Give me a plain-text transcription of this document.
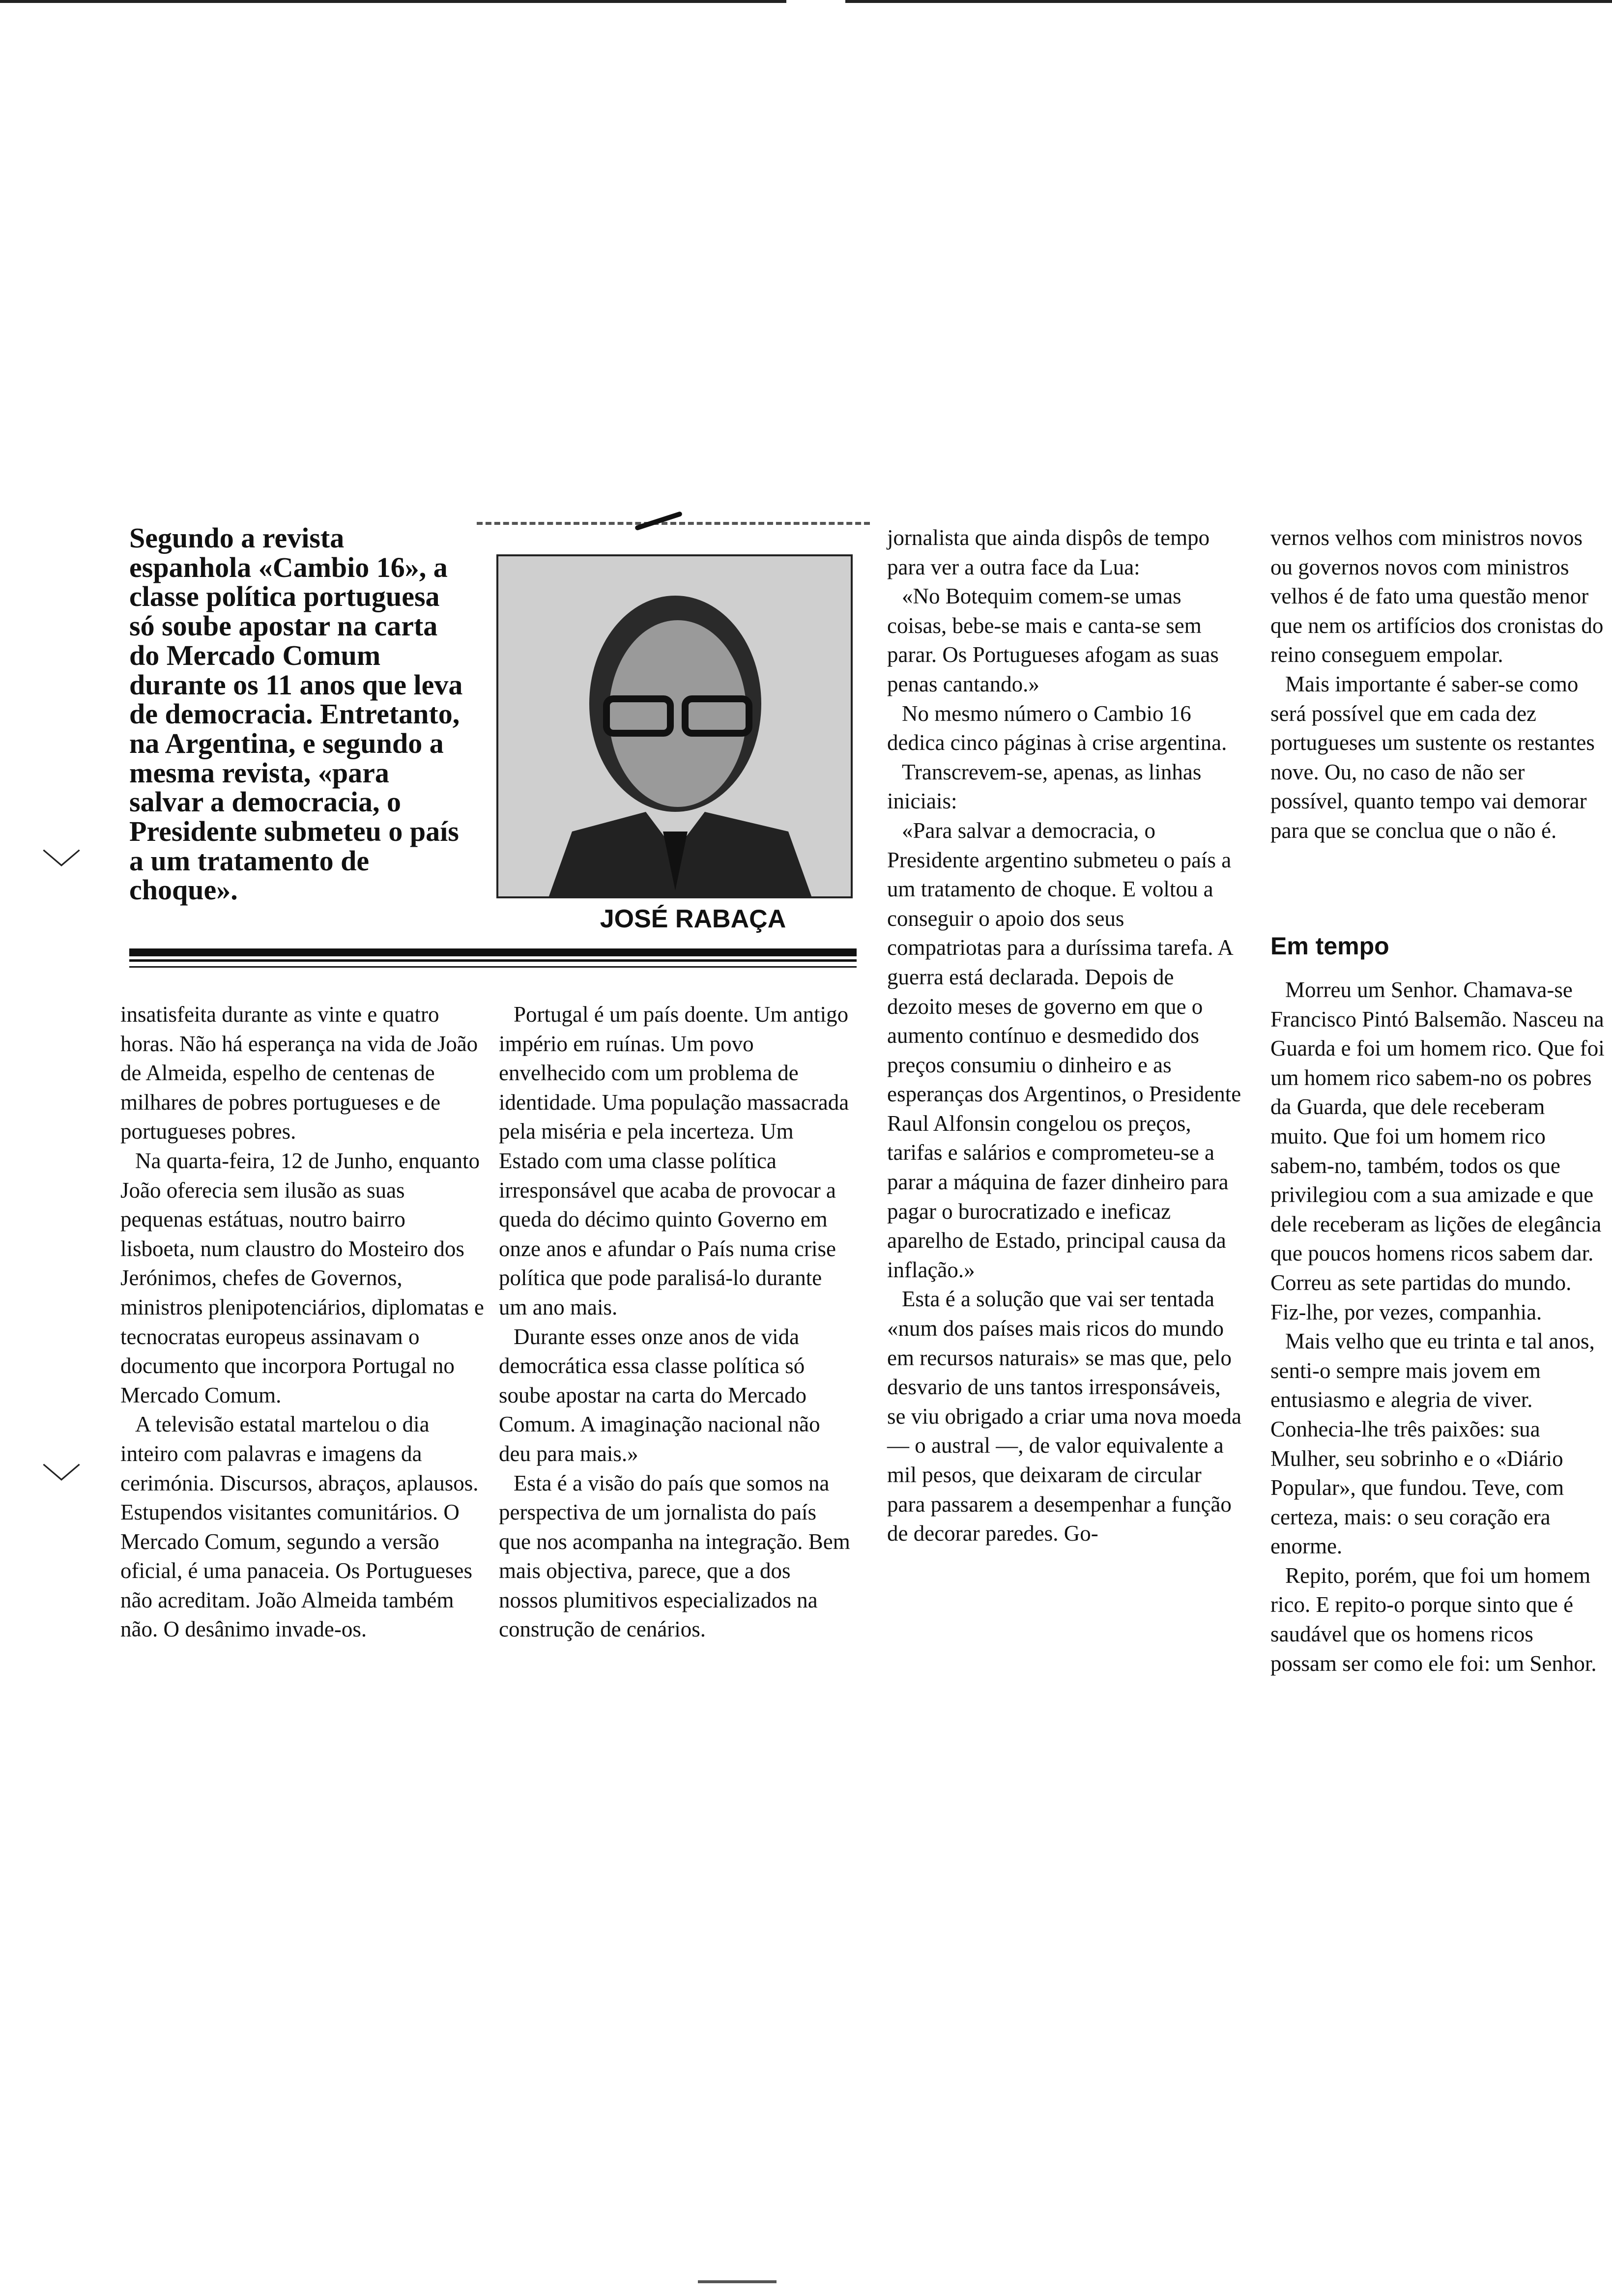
Segundo a revista espanhola «Cambio 16», a classe política portuguesa só soube apostar na carta do Mercado Comum durante os 11 anos que leva de democracia. Entretanto, na Argentina, e segundo a mesma revista, «para salvar a democracia, o Presidente submeteu o país a um tratamento de choque».
JOSÉ RABAÇA

insatisfeita durante as vinte e quatro horas. Não há esperança na vida de João de Almeida, espelho de centenas de milhares de pobres portugueses e de portugueses pobres.

Na quarta-feira, 12 de Junho, enquanto João oferecia sem ilusão as suas pequenas estátuas, noutro bairro lisboeta, num claustro do Mosteiro dos Jerónimos, chefes de Governos, ministros plenipotenciários, diplomatas e tecnocratas europeus assinavam o documento que incorpora Portugal no Mercado Comum.

A televisão estatal martelou o dia inteiro com palavras e imagens da cerimónia. Discursos, abraços, aplausos. Estupendos visitantes comunitários. O Mercado Comum, segundo a versão oficial, é uma panaceia. Os Portugueses não acreditam. João Almeida também não. O desânimo invade-os.

Portugal é um país doente. Um antigo império em ruínas. Um povo envelhecido com um problema de identidade. Uma população massacrada pela miséria e pela incerteza. Um Estado com uma classe política irresponsável que acaba de provocar a queda do décimo quinto Governo em onze anos e afundar o País numa crise política que pode paralisá-lo durante um ano mais.

Durante esses onze anos de vida democrática essa classe política só soube apostar na carta do Mercado Comum. A imaginação nacional não deu para mais.»

Esta é a visão do país que somos na perspectiva de um jornalista do país que nos acompanha na integração. Bem mais objectiva, parece, que a dos nossos plumitivos especializados na construção de cenários.

jornalista que ainda dispôs de tempo para ver a outra face da Lua:

«No Botequim comem-se umas coisas, bebe-se mais e canta-se sem parar. Os Portugueses afogam as suas penas cantando.»

No mesmo número o Cambio 16 dedica cinco páginas à crise argentina.

Transcrevem-se, apenas, as linhas iniciais:

«Para salvar a democracia, o Presidente argentino submeteu o país a um tratamento de choque. E voltou a conseguir o apoio dos seus compatriotas para a duríssima tarefa. A guerra está declarada. Depois de dezoito meses de governo em que o aumento contínuo e desmedido dos preços consumiu o dinheiro e as esperanças dos Argentinos, o Presidente Raul Alfonsin congelou os preços, tarifas e salários e comprometeu-se a parar a máquina de fazer dinheiro para pagar o burocratizado e ineficaz aparelho de Estado, principal causa da inflação.»

Esta é a solução que vai ser tentada «num dos países mais ricos do mundo em recursos naturais» se mas que, pelo desvario de uns tantos irresponsáveis, se viu obrigado a criar uma nova moeda — o austral —, de valor equivalente a mil pesos, que deixaram de circular para passarem a desempenhar a função de decorar paredes. Go-

vernos velhos com ministros novos ou governos novos com ministros velhos é de fato uma questão menor que nem os artifícios dos cronistas do reino conseguem empolar.

Mais importante é saber-se como será possível que em cada dez portugueses um sustente os restantes nove. Ou, no caso de não ser possível, quanto tempo vai demorar para que se conclua que o não é.

Em tempo

Morreu um Senhor. Chamava-se Francisco Pintó Balsemão. Nasceu na Guarda e foi um homem rico. Que foi um homem rico sabem-no os pobres da Guarda, que dele receberam muito. Que foi um homem rico sabem-no, também, todos os que privilegiou com a sua amizade e que dele receberam as lições de elegância que poucos homens ricos sabem dar. Correu as sete partidas do mundo. Fiz-lhe, por vezes, companhia.

Mais velho que eu trinta e tal anos, senti-o sempre mais jovem em entusiasmo e alegria de viver. Conhecia-lhe três paixões: sua Mulher, seu sobrinho e o «Diário Popular», que fundou. Teve, com certeza, mais: o seu coração era enorme.

Repito, porém, que foi um homem rico. E repito-o porque sinto que é saudável que os homens ricos possam ser como ele foi: um Senhor.

﹀
﹀
